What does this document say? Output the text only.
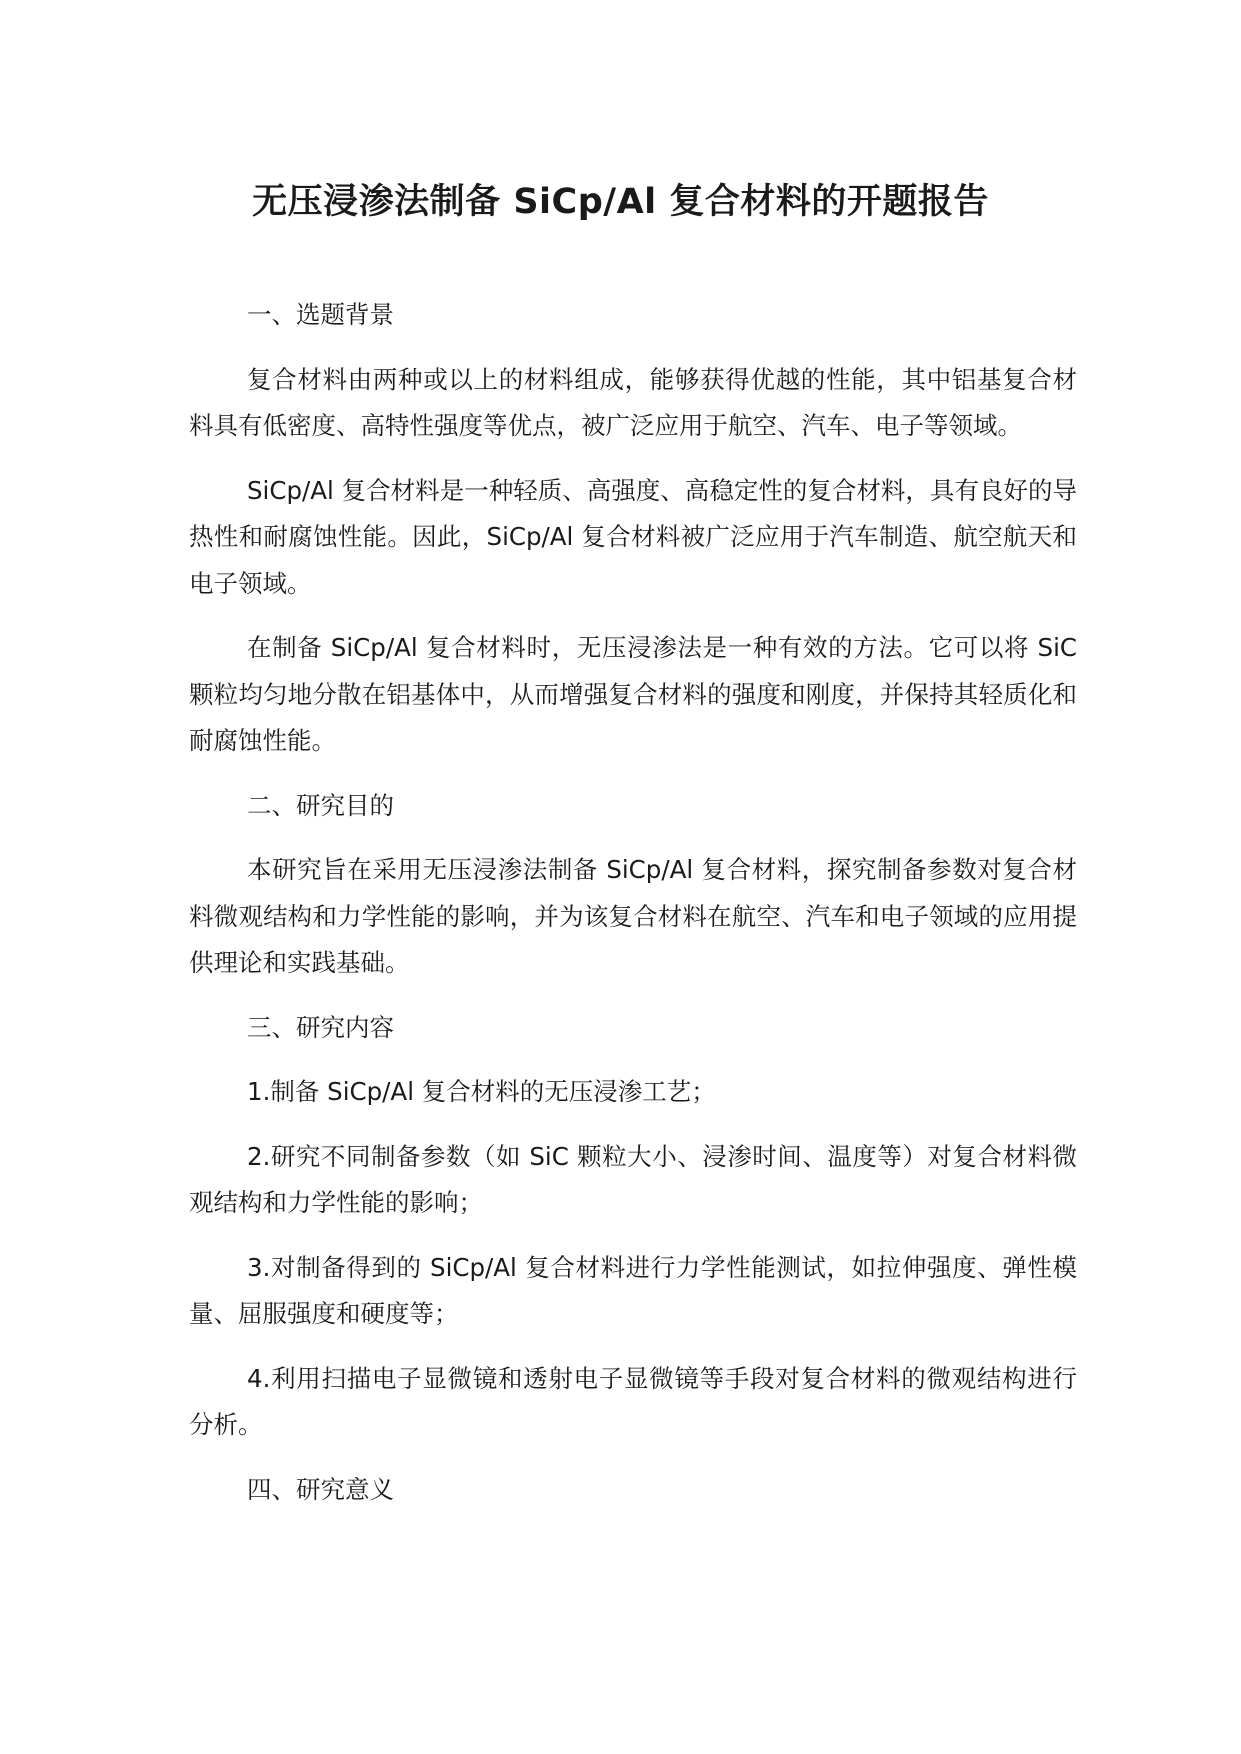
无压浸渗法制备 SiCp/Al 复合材料的开题报告

一、选题背景

复合材料由两种或以上的材料组成，能够获得优越的性能，其中铝基复合材料具有低密度、高特性强度等优点，被广泛应用于航空、汽车、电子等领域。

SiCp/Al 复合材料是一种轻质、高强度、高稳定性的复合材料，具有良好的导热性和耐腐蚀性能。因此，SiCp/Al 复合材料被广泛应用于汽车制造、航空航天和电子领域。

在制备 SiCp/Al 复合材料时，无压浸渗法是一种有效的方法。它可以将 SiC 颗粒均匀地分散在铝基体中，从而增强复合材料的强度和刚度，并保持其轻质化和耐腐蚀性能。

二、研究目的

本研究旨在采用无压浸渗法制备 SiCp/Al 复合材料，探究制备参数对复合材料微观结构和力学性能的影响，并为该复合材料在航空、汽车和电子领域的应用提供理论和实践基础。

三、研究内容

1.制备 SiCp/Al 复合材料的无压浸渗工艺；

2.研究不同制备参数（如 SiC 颗粒大小、浸渗时间、温度等）对复合材料微观结构和力学性能的影响；

3.对制备得到的 SiCp/Al 复合材料进行力学性能测试，如拉伸强度、弹性模量、屈服强度和硬度等；

4.利用扫描电子显微镜和透射电子显微镜等手段对复合材料的微观结构进行分析。

四、研究意义
